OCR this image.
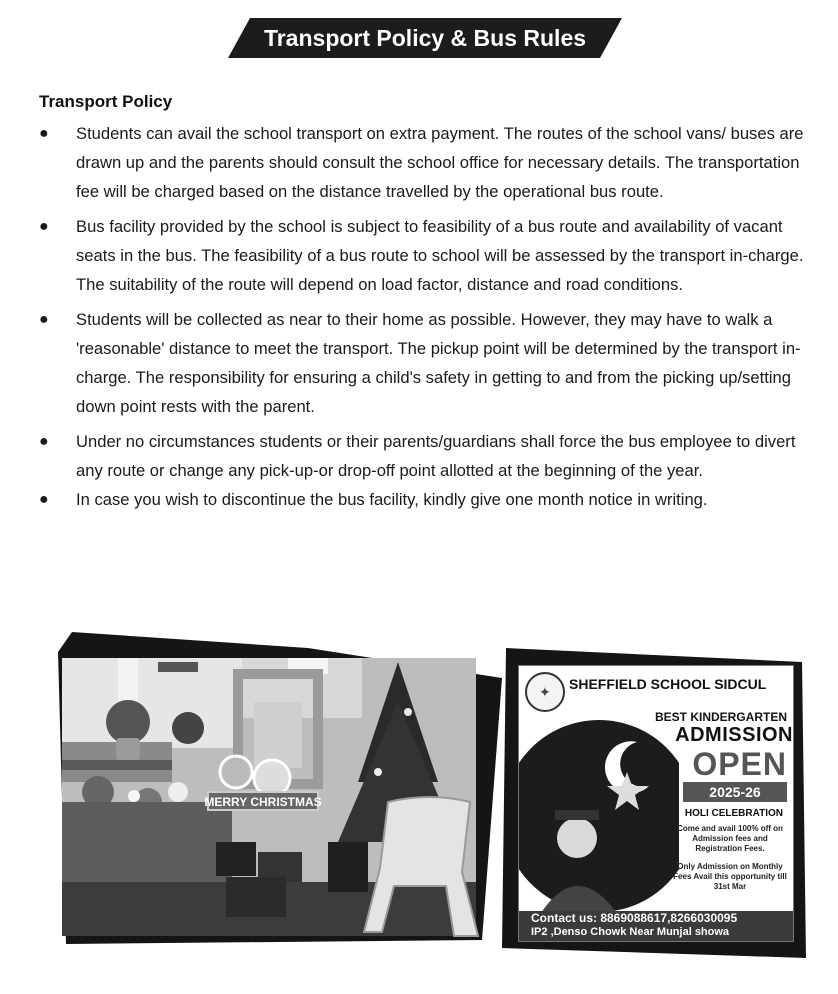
Transport Policy & Bus Rules
Transport Policy
● Students can avail the school transport on extra payment. The routes of the school vans/ buses are drawn up and the parents should consult the school office for necessary details. The transportation fee will be charged based on the distance travelled by the operational bus route.
● Bus facility provided by the school is subject to feasibility of a bus route and availability of vacant seats in the bus. The feasibility of a bus route to school will be assessed by the transport in-charge. The suitability of the route will depend on load factor, distance and road conditions.
● Students will be collected as near to their home as possible. However, they may have to walk a 'reasonable' distance to meet the transport. The pickup point will be determined by the transport in-charge. The responsibility for ensuring a child's safety in getting to and from the picking up/setting down point rests with the parent.
● Under no circumstances students or their parents/guardians shall force the bus employee to divert any route or change any pick-up-or drop-off point allotted at the beginning of the year.
● In case you wish to discontinue the bus facility, kindly give one month notice in writing.
MERRY CHRISTMAS
✦ SHEFFIELD SCHOOL SIDCUL
BEST KINDERGARTEN
ADMISSION
OPEN
2025-26
HOLI CELEBRATION
Come and avail 100% off on Admission fees and Registration Fees.
Only Admission on Monthly Fees Avail this opportunity till 31st Mar
Contact us: 8869088617,8266030095
IP2 ,Denso Chowk Near Munjal showa
